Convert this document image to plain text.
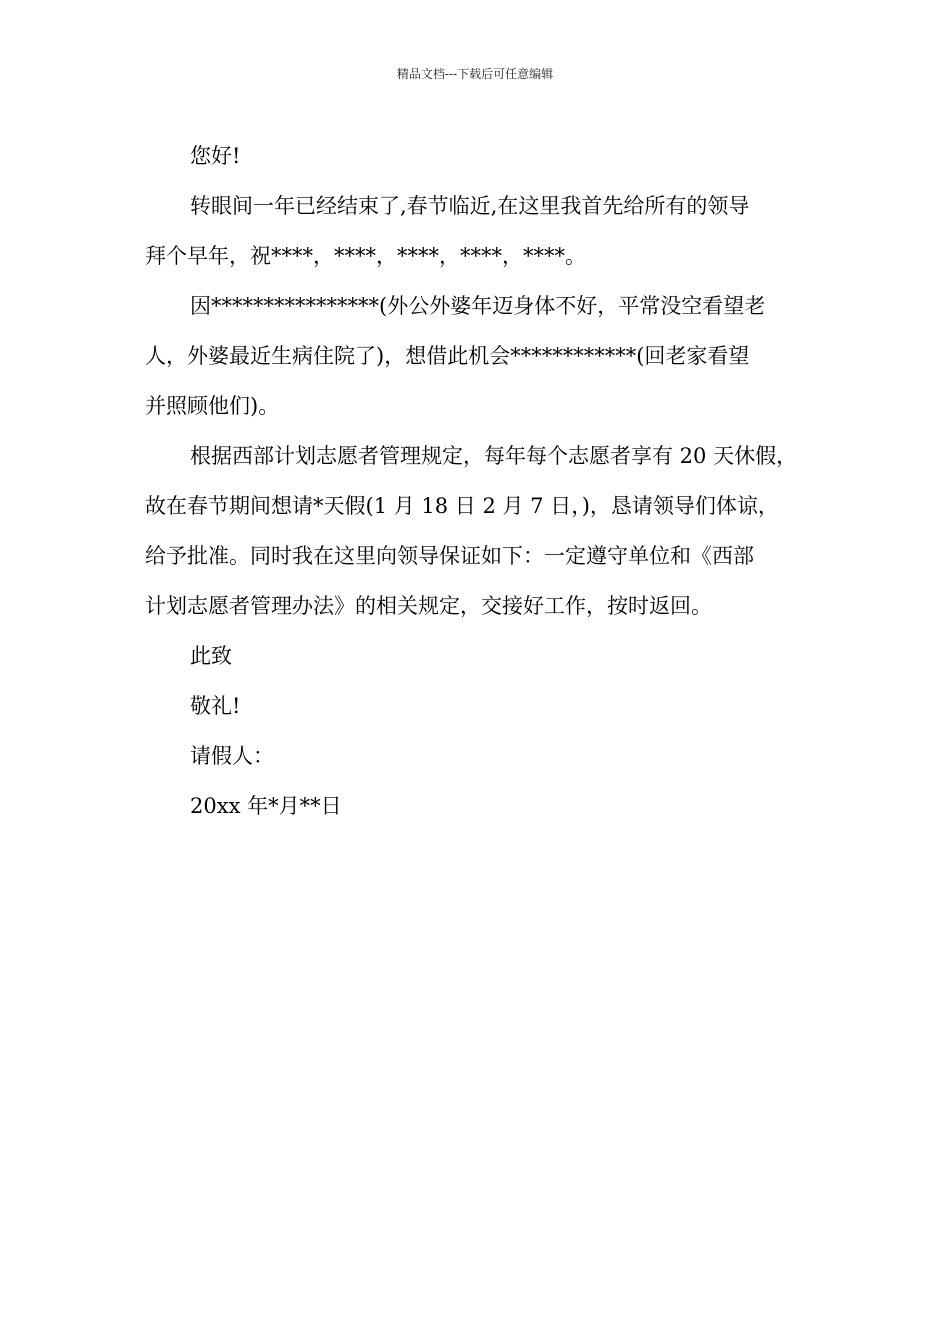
精品文档---下载后可任意编辑
您好!
转眼间一年已经结束了,春节临近,在这里我首先给所有的领导
拜个早年，祝****，****，****，****，****。
因****************(外公外婆年迈身体不好，平常没空看望老
人，外婆最近生病住院了)，想借此机会************(回老家看望
并照顾他们)。
根据西部计划志愿者管理规定，每年每个志愿者享有 20 天休假，
故在春节期间想请*天假(1 月 18 日 2 月 7 日，)，恳请领导们体谅，
给予批准。同时我在这里向领导保证如下：一定遵守单位和《西部
计划志愿者管理办法》的相关规定，交接好工作，按时返回。
此致
敬礼!
请假人：
20xx 年*月**日
